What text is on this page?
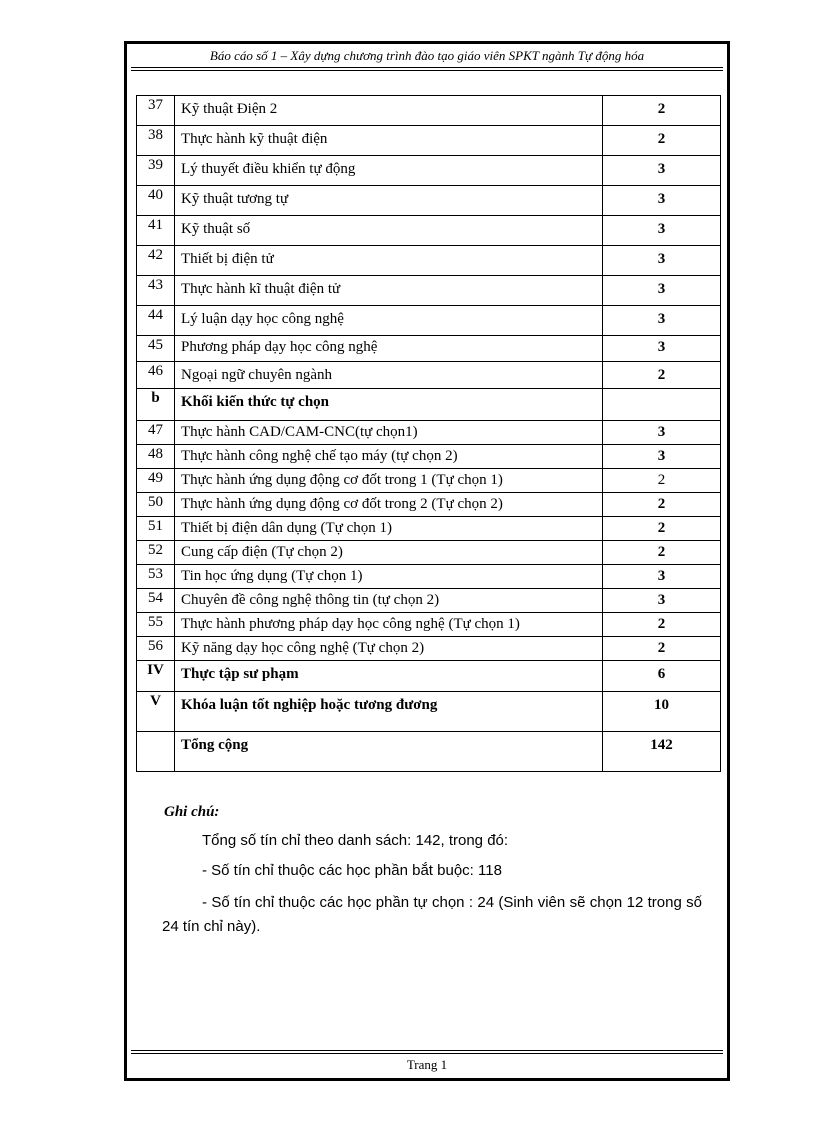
Báo cáo số 1 – Xây dựng chương trình đào tạo giáo viên SPKT ngành Tự động hóa
37	Kỹ thuật Điện 2	2
38	Thực hành kỹ thuật điện	2
39	Lý thuyết điều khiển tự động	3
40	Kỹ thuật tương tự	3
41	Kỹ thuật số	3
42	Thiết bị điện tử	3
43	Thực hành kĩ thuật điện tử	3
44	Lý luận dạy học công nghệ	3
45	Phương pháp dạy học công nghệ	3
46	Ngoại ngữ chuyên ngành	2
b	Khối kiến thức tự chọn	
47	Thực hành CAD/CAM-CNC(tự chọn1)	3
48	Thực hành công nghệ chế tạo máy (tự chọn 2)	3
49	Thực hành ứng dụng động cơ đốt trong 1 (Tự chọn 1)	2
50	Thực hành ứng dụng động cơ đốt trong 2 (Tự chọn 2)	2
51	Thiết bị điện dân dụng (Tự chọn 1)	2
52	Cung cấp điện (Tự chọn 2)	2
53	Tin học ứng dụng (Tự chọn 1)	3
54	Chuyên đề công nghệ thông tin (tự chọn 2)	3
55	Thực hành phương pháp dạy học công nghệ (Tự chọn 1)	2
56	Kỹ năng dạy học công nghệ (Tự chọn 2)	2
IV	Thực tập sư phạm	6
V	Khóa luận tốt nghiệp hoặc tương đương	10
	Tổng cộng	142
Ghi chú:
Tổng số tín chỉ theo danh sách: 142, trong đó:
- Số tín chỉ thuộc các học phần bắt buộc: 118
- Số tín chỉ thuộc các học phần tự chọn : 24 (Sinh viên sẽ chọn 12 trong số 24 tín chỉ này).
Trang 1
